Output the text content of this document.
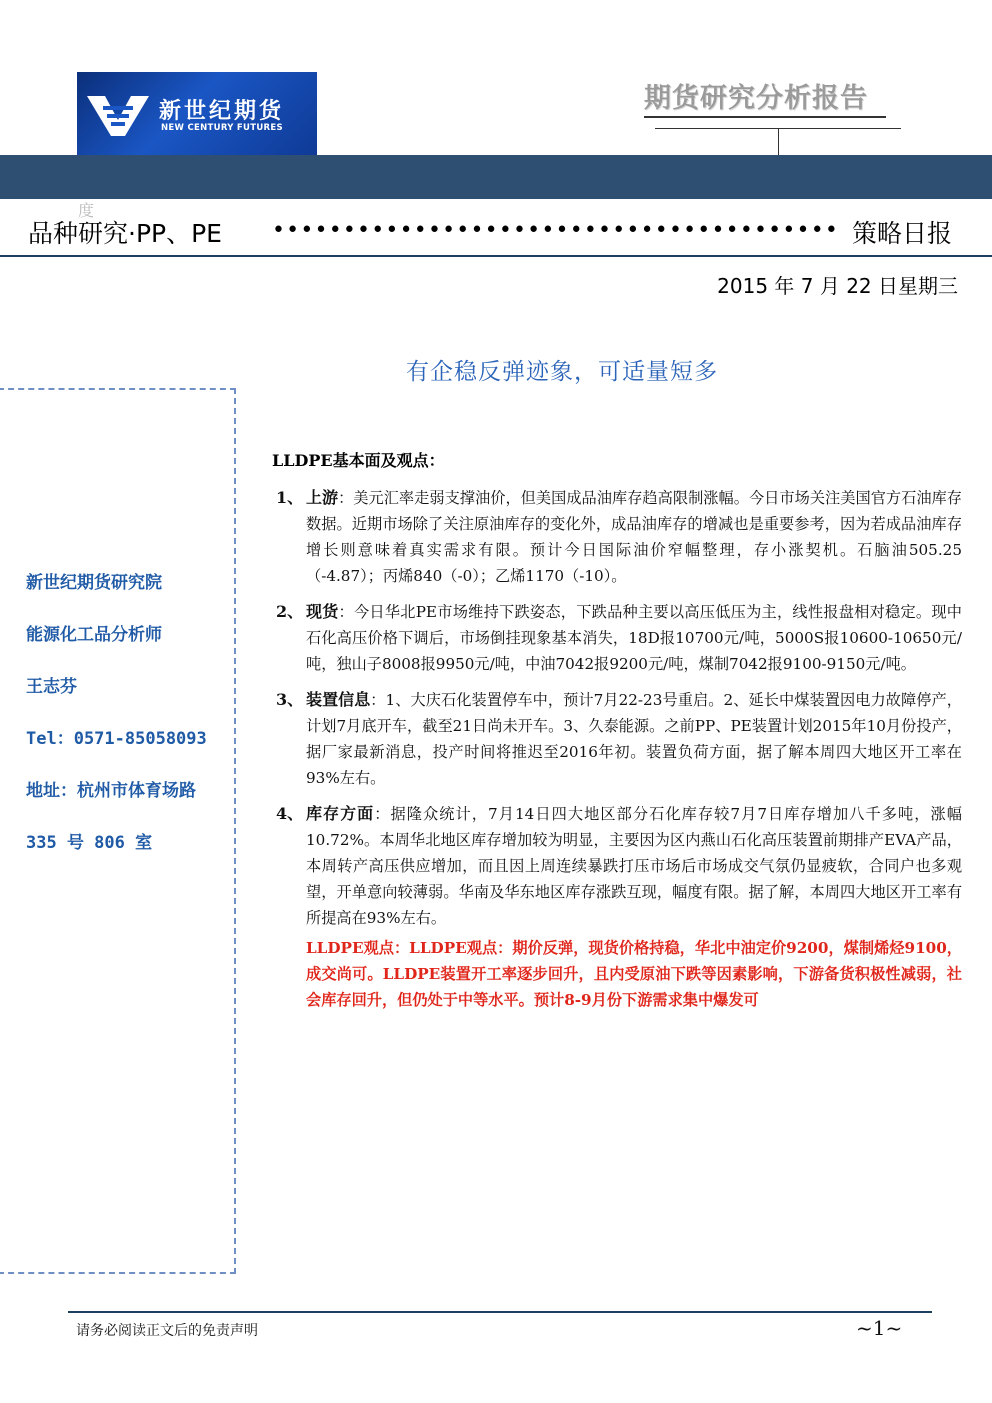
新世纪期货
NEW CENTURY FUTURES
期货研究分析报告
度
品种研究·PP、PE •••••••••••••••••••••••••••••••••••••••• 策略日报
2015 年 7 月 22 日星期三
有企稳反弹迹象，可适量短多
新世纪期货研究院
能源化工品分析师
王志芬
Tel：0571-85058093
地址：杭州市体育场路
335 号 806 室
LLDPE基本面及观点：
1、 上游：美元汇率走弱支撑油价，但美国成品油库存趋高限制涨幅。今日市场关注美国官方石油库存数据。近期市场除了关注原油库存的变化外，成品油库存的增减也是重要参考，因为若成品油库存增长则意味着真实需求有限。预计今日国际油价窄幅整理，存小涨契机。石脑油505.25（-4.87）；丙烯840（-0）；乙烯1170（-10）。
2、 现货：今日华北PE市场维持下跌姿态，下跌品种主要以高压低压为主，线性报盘相对稳定。现中石化高压价格下调后，市场倒挂现象基本消失，18D报10700元/吨，5000S报10600-10650元/吨，独山子8008报9950元/吨，中油7042报9200元/吨，煤制7042报9100-9150元/吨。
3、 装置信息：1、大庆石化装置停车中，预计7月22-23号重启。2、延长中煤装置因电力故障停产，计划7月底开车，截至21日尚未开车。3、久泰能源。之前PP、PE装置计划2015年10月份投产，据厂家最新消息，投产时间将推迟至2016年初。装置负荷方面，据了解本周四大地区开工率在93%左右。
4、 库存方面：据隆众统计，7月14日四大地区部分石化库存较7月7日库存增加八千多吨，涨幅10.72%。本周华北地区库存增加较为明显，主要因为区内燕山石化高压装置前期排产EVA产品，本周转产高压供应增加，而且因上周连续暴跌打压市场后市场成交气氛仍显疲软，合同户也多观望，开单意向较薄弱。华南及华东地区库存涨跌互现，幅度有限。据了解，本周四大地区开工率有所提高在93%左右。
LLDPE观点：LLDPE观点：期价反弹，现货价格持稳，华北中油定价9200，煤制烯烃9100，成交尚可。LLDPE装置开工率逐步回升，且内受原油下跌等因素影响，下游备货积极性减弱，社会库存回升，但仍处于中等水平。预计8-9月份下游需求集中爆发可
请务必阅读正文后的免责声明	~1~
